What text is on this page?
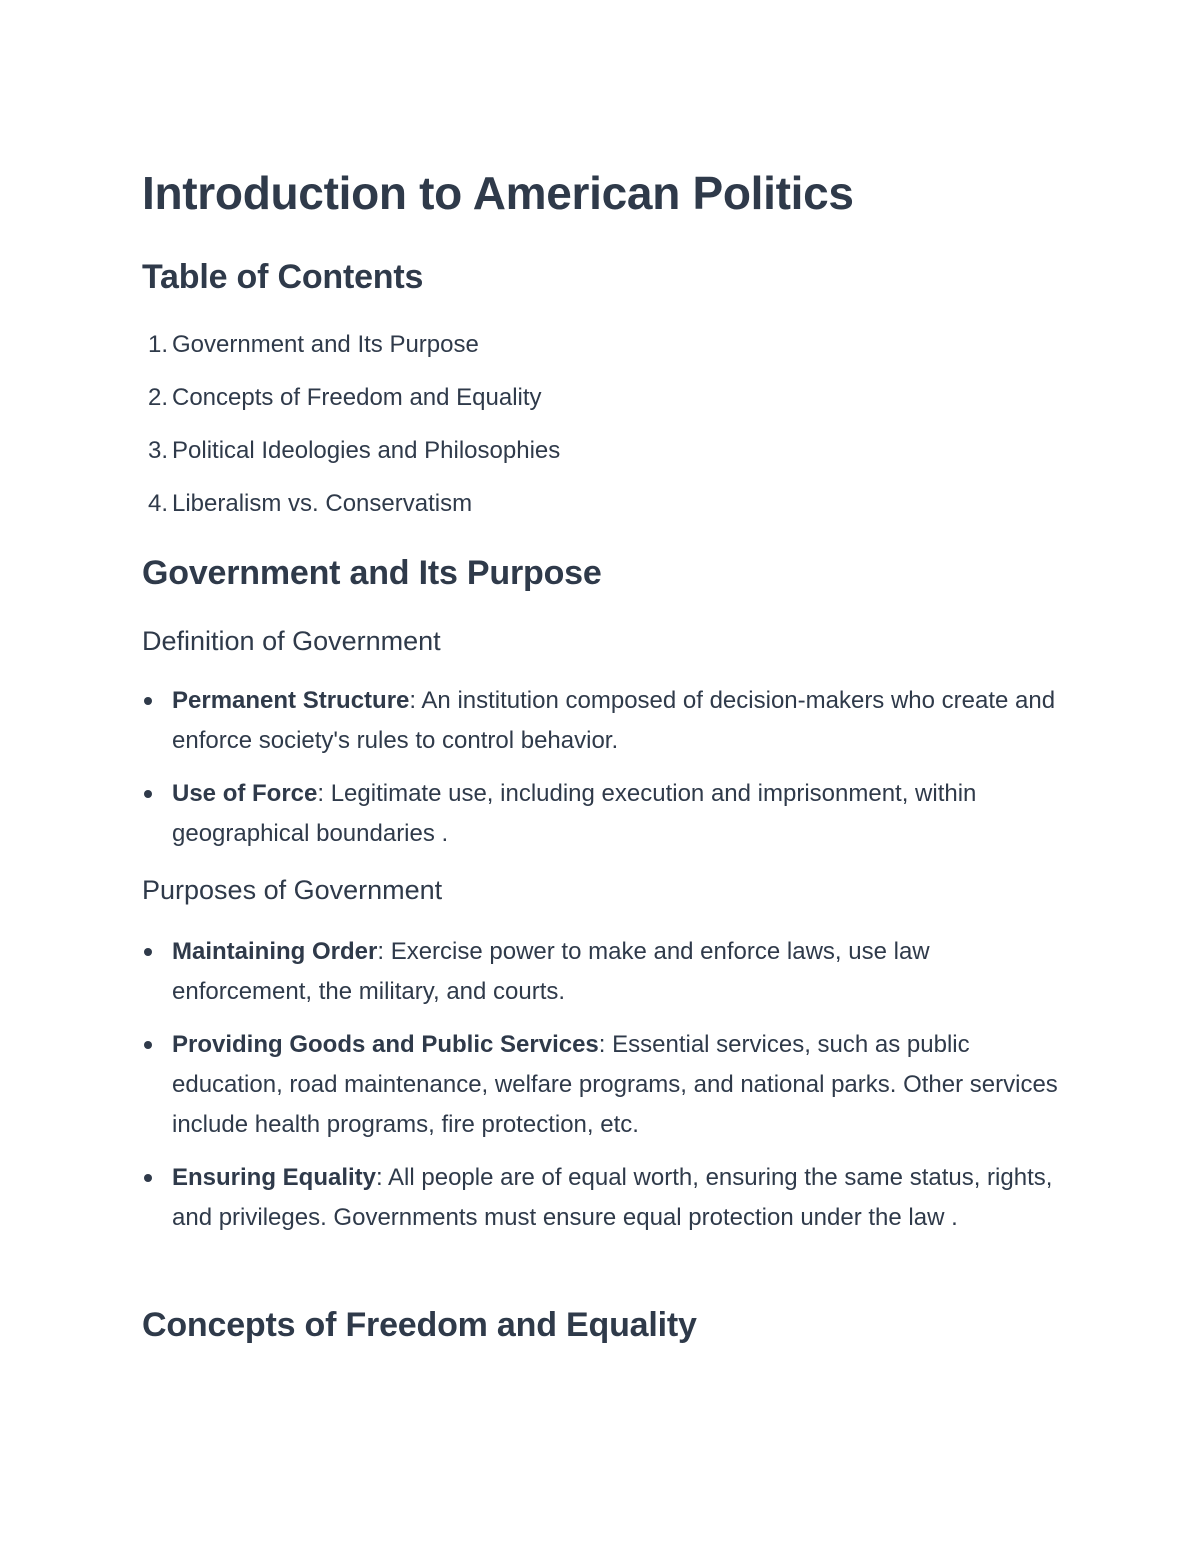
Introduction to American Politics
Table of Contents
1. Government and Its Purpose
2. Concepts of Freedom and Equality
3. Political Ideologies and Philosophies
4. Liberalism vs. Conservatism
Government and Its Purpose
Definition of Government
Permanent Structure: An institution composed of decision-makers who create and enforce society's rules to control behavior.
Use of Force: Legitimate use, including execution and imprisonment, within geographical boundaries .
Purposes of Government
Maintaining Order: Exercise power to make and enforce laws, use law enforcement, the military, and courts.
Providing Goods and Public Services: Essential services, such as public education, road maintenance, welfare programs, and national parks. Other services include health programs, fire protection, etc.
Ensuring Equality: All people are of equal worth, ensuring the same status, rights, and privileges. Governments must ensure equal protection under the law .
Concepts of Freedom and Equality
